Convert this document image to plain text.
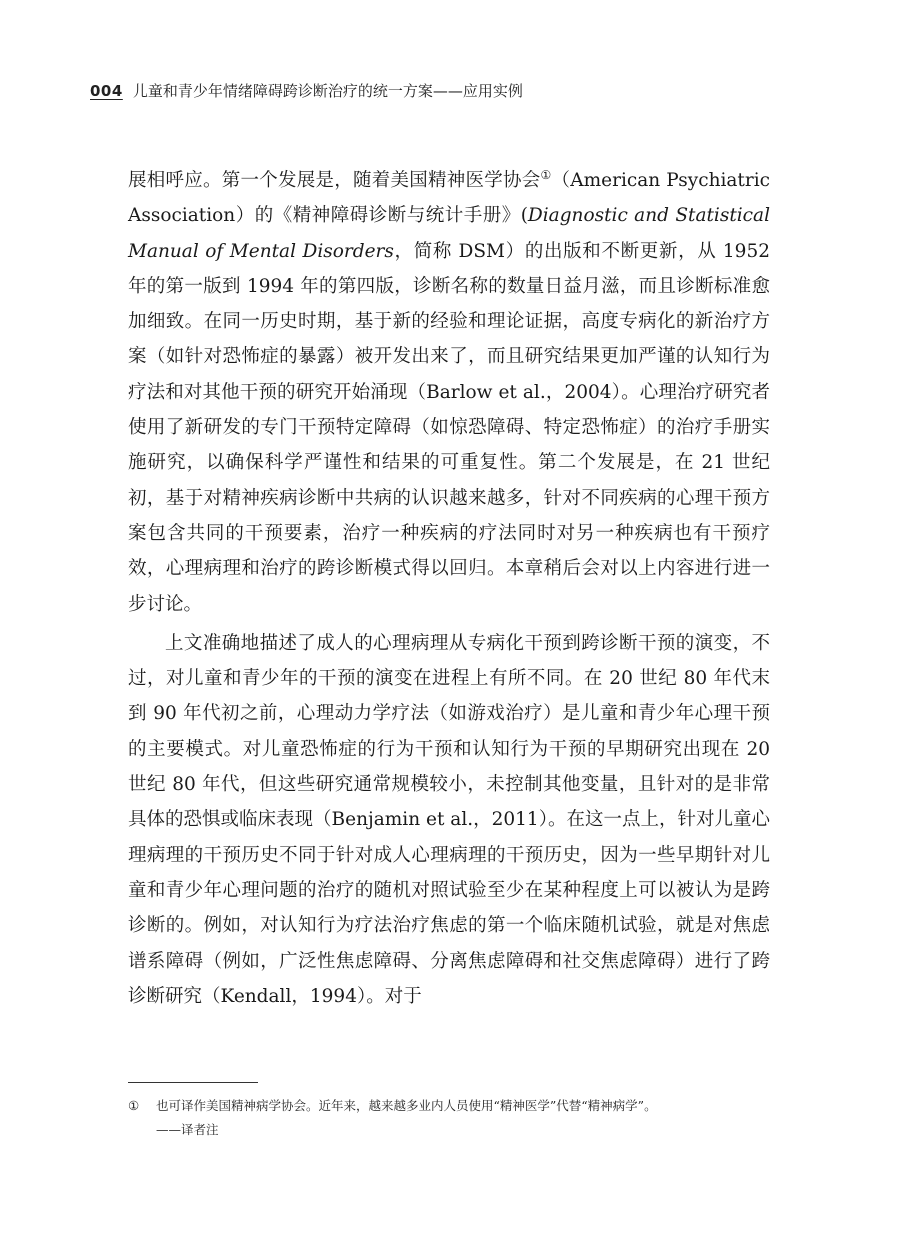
004 儿童和青少年情绪障碍跨诊断治疗的统一方案——应用实例

展相呼应。第一个发展是，随着美国精神医学协会①（American Psychiatric Association）的《精神障碍诊断与统计手册》(Diagnostic and Statistical Manual of Mental Disorders，简称 DSM）的出版和不断更新，从 1952 年的第一版到 1994 年的第四版，诊断名称的数量日益月滋，而且诊断标准愈加细致。在同一历史时期，基于新的经验和理论证据，高度专病化的新治疗方案（如针对恐怖症的暴露）被开发出来了，而且研究结果更加严谨的认知行为疗法和对其他干预的研究开始涌现（Barlow et al.，2004）。心理治疗研究者使用了新研发的专门干预特定障碍（如惊恐障碍、特定恐怖症）的治疗手册实施研究，以确保科学严谨性和结果的可重复性。第二个发展是，在 21 世纪初，基于对精神疾病诊断中共病的认识越来越多，针对不同疾病的心理干预方案包含共同的干预要素，治疗一种疾病的疗法同时对另一种疾病也有干预疗效，心理病理和治疗的跨诊断模式得以回归。本章稍后会对以上内容进行进一步讨论。

上文准确地描述了成人的心理病理从专病化干预到跨诊断干预的演变，不过，对儿童和青少年的干预的演变在进程上有所不同。在 20 世纪 80 年代末到 90 年代初之前，心理动力学疗法（如游戏治疗）是儿童和青少年心理干预的主要模式。对儿童恐怖症的行为干预和认知行为干预的早期研究出现在 20 世纪 80 年代，但这些研究通常规模较小，未控制其他变量，且针对的是非常具体的恐惧或临床表现（Benjamin et al.，2011）。在这一点上，针对儿童心理病理的干预历史不同于针对成人心理病理的干预历史，因为一些早期针对儿童和青少年心理问题的治疗的随机对照试验至少在某种程度上可以被认为是跨诊断的。例如，对认知行为疗法治疗焦虑的第一个临床随机试验，就是对焦虑谱系障碍（例如，广泛性焦虑障碍、分离焦虑障碍和社交焦虑障碍）进行了跨诊断研究（Kendall，1994）。对于

① 也可译作美国精神病学协会。近年来，越来越多业内人员使用“精神医学”代替“精神病学”。
——译者注
